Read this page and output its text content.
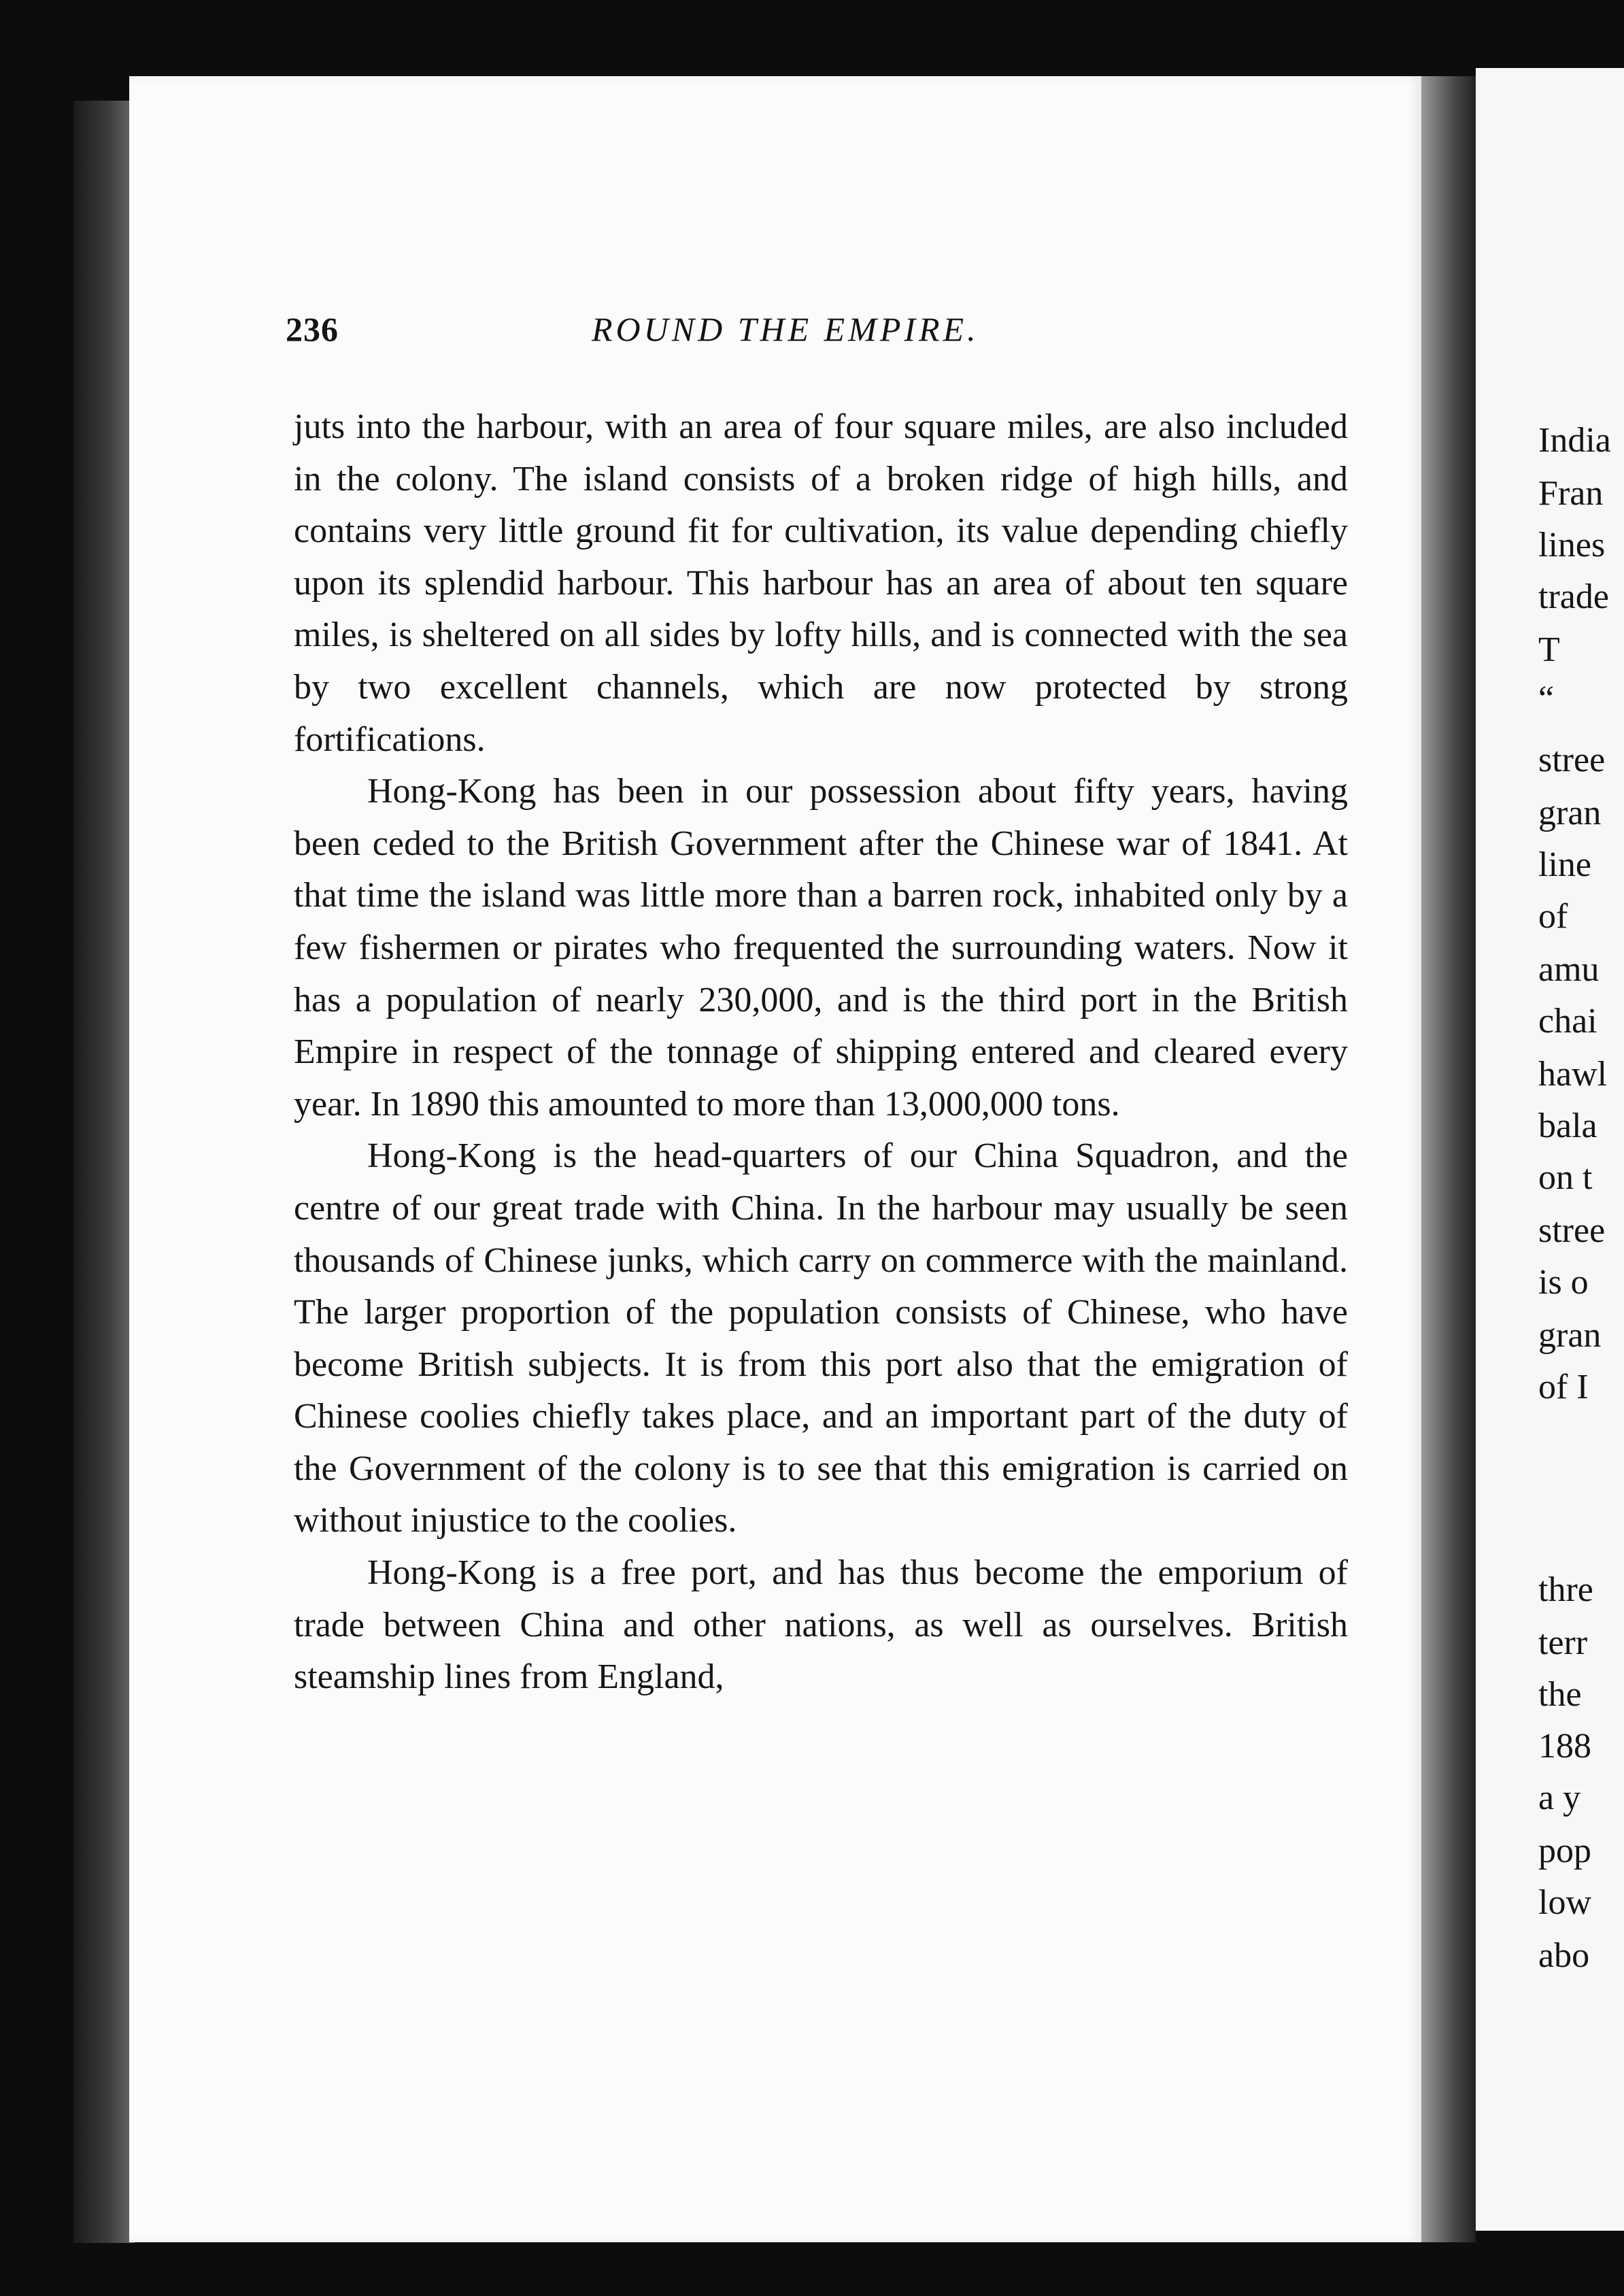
236	ROUND THE EMPIRE.

juts into the harbour, with an area of four square miles, are also included in the colony. The island consists of a broken ridge of high hills, and contains very little ground fit for cultivation, its value depending chiefly upon its splendid harbour. This harbour has an area of about ten square miles, is sheltered on all sides by lofty hills, and is connected with the sea by two excellent channels, which are now protected by strong fortifications.

Hong-Kong has been in our possession about fifty years, having been ceded to the British Government after the Chinese war of 1841. At that time the island was little more than a barren rock, inhabited only by a few fishermen or pirates who frequented the surrounding waters. Now it has a population of nearly 230,000, and is the third port in the British Empire in respect of the tonnage of shipping entered and cleared every year. In 1890 this amounted to more than 13,000,000 tons.

Hong-Kong is the head-quarters of our China Squadron, and the centre of our great trade with China. In the harbour may usually be seen thousands of Chinese junks, which carry on commerce with the mainland. The larger proportion of the population consists of Chinese, who have become British subjects. It is from this port also that the emigration of Chinese coolies chiefly takes place, and an important part of the duty of the Government of the colony is to see that this emigration is carried on without injustice to the coolies.

Hong-Kong is a free port, and has thus become the emporium of trade between China and other nations, as well as ourselves. British steamship lines from England,

India
Fran
lines
trade
T
“
stree
gran
line
of
amu
chai
hawl
bala
on t
stree
is o
gran
of I
thre
terr
the
188
a y
pop
low
abo
